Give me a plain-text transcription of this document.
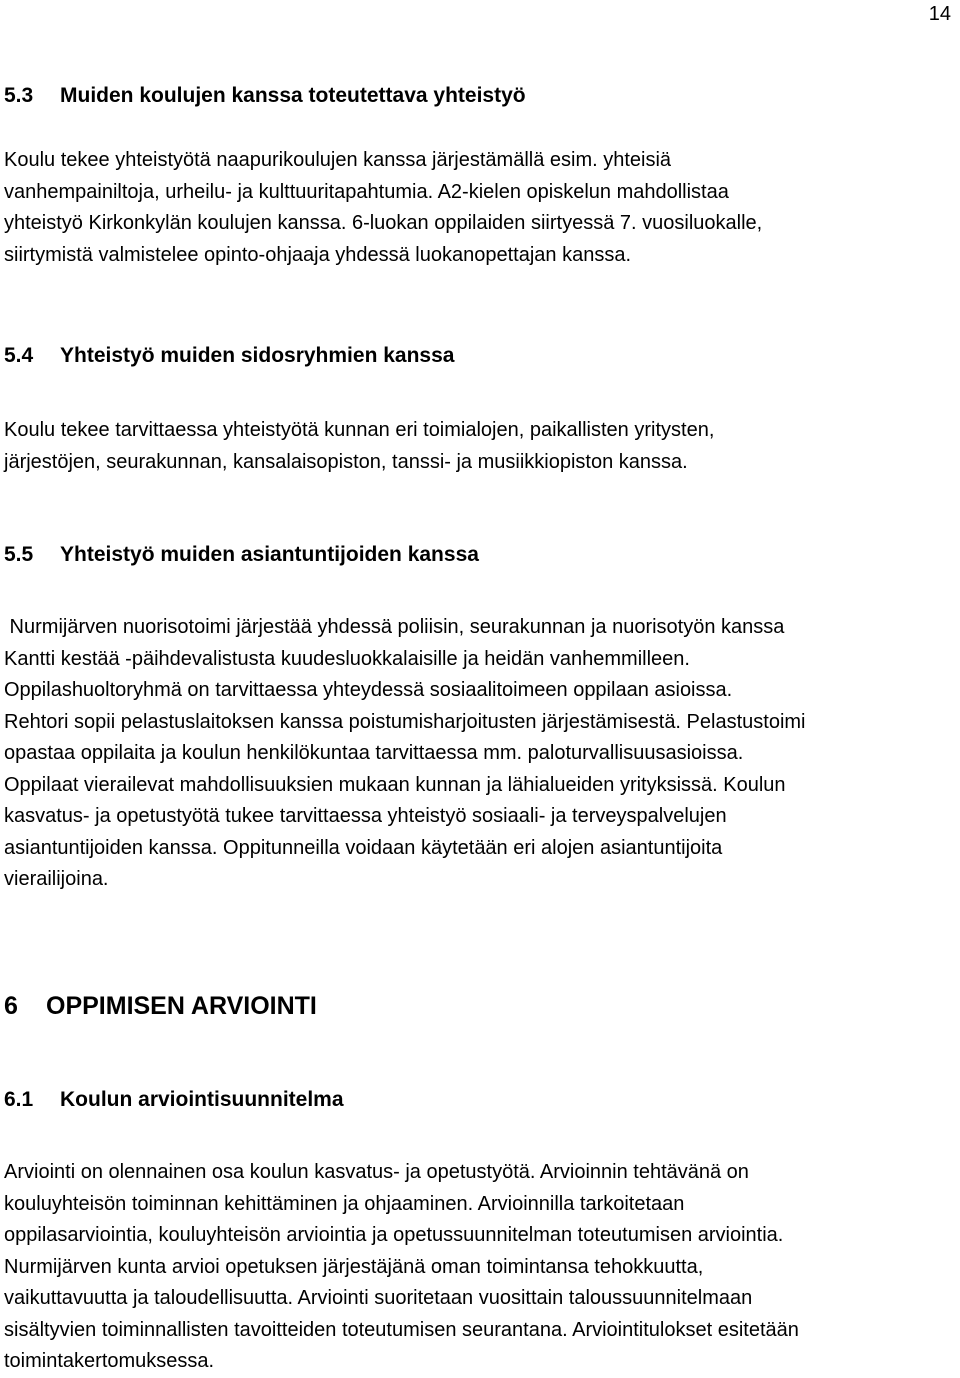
14
5.3 Muiden koulujen kanssa toteutettava yhteistyö

Koulu tekee yhteistyötä naapurikoulujen kanssa järjestämällä esim. yhteisiä
vanhempainiltoja, urheilu- ja kulttuuritapahtumia. A2-kielen opiskelun mahdollistaa
yhteistyö Kirkonkylän koulujen kanssa. 6-luokan oppilaiden siirtyessä 7. vuosiluokalle,
siirtymistä valmistelee opinto-ohjaaja yhdessä luokanopettajan kanssa.

5.4 Yhteistyö muiden sidosryhmien kanssa

Koulu tekee tarvittaessa yhteistyötä kunnan eri toimialojen, paikallisten yritysten,
järjestöjen, seurakunnan, kansalaisopiston, tanssi- ja musiikkiopiston kanssa.

5.5 Yhteistyö muiden asiantuntijoiden kanssa

Nurmijärven nuorisotoimi järjestää yhdessä poliisin, seurakunnan ja nuorisotyön kanssa
Kantti kestää -päihdevalistusta kuudesluokkalaisille ja heidän vanhemmilleen.
Oppilashuoltoryhmä on tarvittaessa yhteydessä sosiaalitoimeen oppilaan asioissa.
Rehtori sopii pelastuslaitoksen kanssa poistumisharjoitusten järjestämisestä. Pelastustoimi
opastaa oppilaita ja koulun henkilökuntaa tarvittaessa mm. paloturvallisuusasioissa.
Oppilaat vierailevat mahdollisuuksien mukaan kunnan ja lähialueiden yrityksissä. Koulun
kasvatus- ja opetustyötä tukee tarvittaessa yhteistyö sosiaali- ja terveyspalvelujen
asiantuntijoiden kanssa. Oppitunneilla voidaan käytetään eri alojen asiantuntijoita
vierailijoina.

6 OPPIMISEN ARVIOINTI
6.1 Koulun arviointisuunnitelma

Arviointi on olennainen osa koulun kasvatus- ja opetustyötä. Arvioinnin tehtävänä on
kouluyhteisön toiminnan kehittäminen ja ohjaaminen. Arvioinnilla tarkoitetaan
oppilasarviointia, kouluyhteisön arviointia ja opetussuunnitelman toteutumisen arviointia.
Nurmijärven kunta arvioi opetuksen järjestäjänä oman toimintansa tehokkuutta,
vaikuttavuutta ja taloudellisuutta. Arviointi suoritetaan vuosittain taloussuunnitelmaan
sisältyvien toiminnallisten tavoitteiden toteutumisen seurantana. Arviointitulokset esitetään
toimintakertomuksessa.
